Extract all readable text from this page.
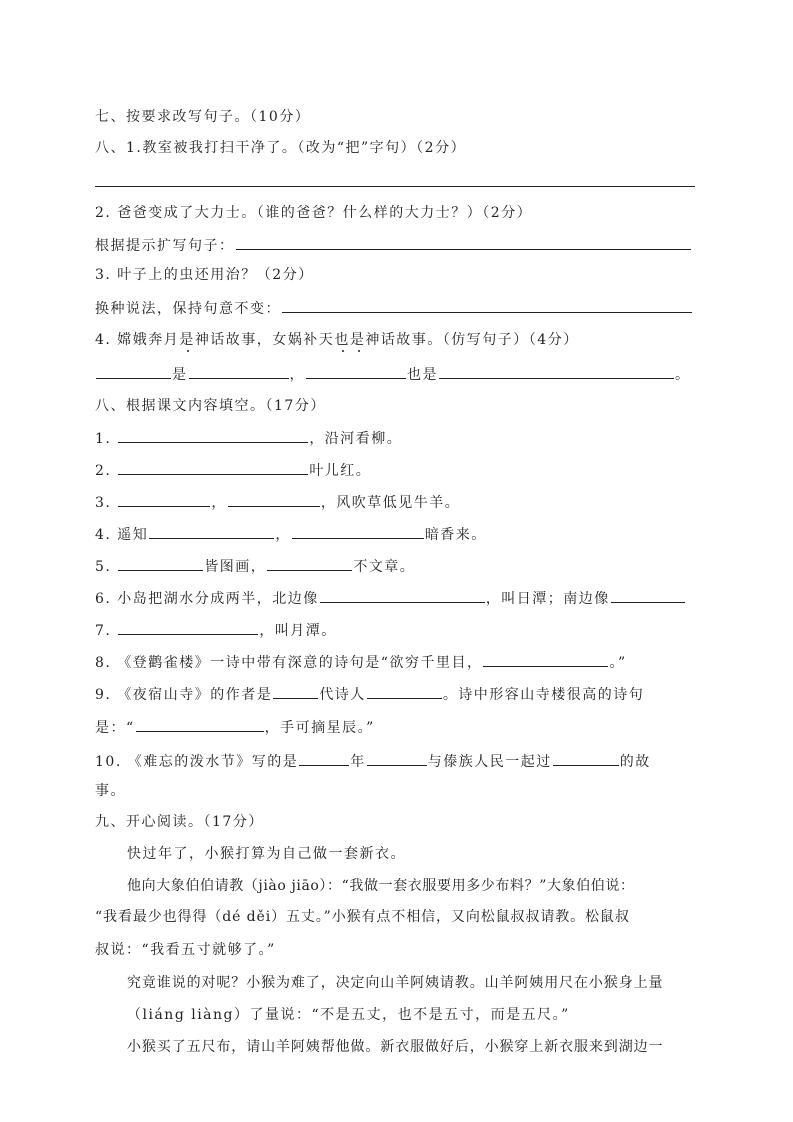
七、按要求改写句子。（10分）
八、1.教室被我打扫干净了。（改为“把”字句）（2分）
2. 爸爸变成了大力士。（谁的爸爸？什么样的大力士？）（2分）
根据提示扩写句子：
3. 叶子上的虫还用治？（2分）
换种说法，保持句意不变：
4. 嫦娥奔月是神话故事，女娲补天也是神话故事。（仿写句子）（4分）
是	，	也是	。
八、根据课文内容填空。（17分）
1.	，沿河看柳。
2.	叶儿红。
3.	，	，风吹草低见牛羊。
4. 遥知	，	暗香来。
5.	皆图画，	不文章。
6. 小岛把湖水分成两半，北边像	，叫日潭；南边像
7.	，叫月潭。
8. 《登鹳雀楼》一诗中带有深意的诗句是“欲穷千里目，	。”
9. 《夜宿山寺》的作者是	代诗人	。诗中形容山寺楼很高的诗句
是：“	，手可摘星辰。”
10. 《难忘的泼水节》写的是	年	与傣族人民一起过	的故
事。
九、开心阅读。（17分）
快过年了，小猴打算为自己做一套新衣。
他向大象伯伯请教（jiào jiāo）：“我做一套衣服要用多少布料？”大象伯伯说：
“我看最少也得得（dé děi）五丈。”小猴有点不相信，又向松鼠叔叔请教。松鼠叔
叔说：“我看五寸就够了。”
究竟谁说的对呢？小猴为难了，决定向山羊阿姨请教。山羊阿姨用尺在小猴身上量
（liáng liàng）了量说：“不是五丈，也不是五寸，而是五尺。”
小猴买了五尺布，请山羊阿姨帮他做。新衣服做好后，小猴穿上新衣服来到湖边一
